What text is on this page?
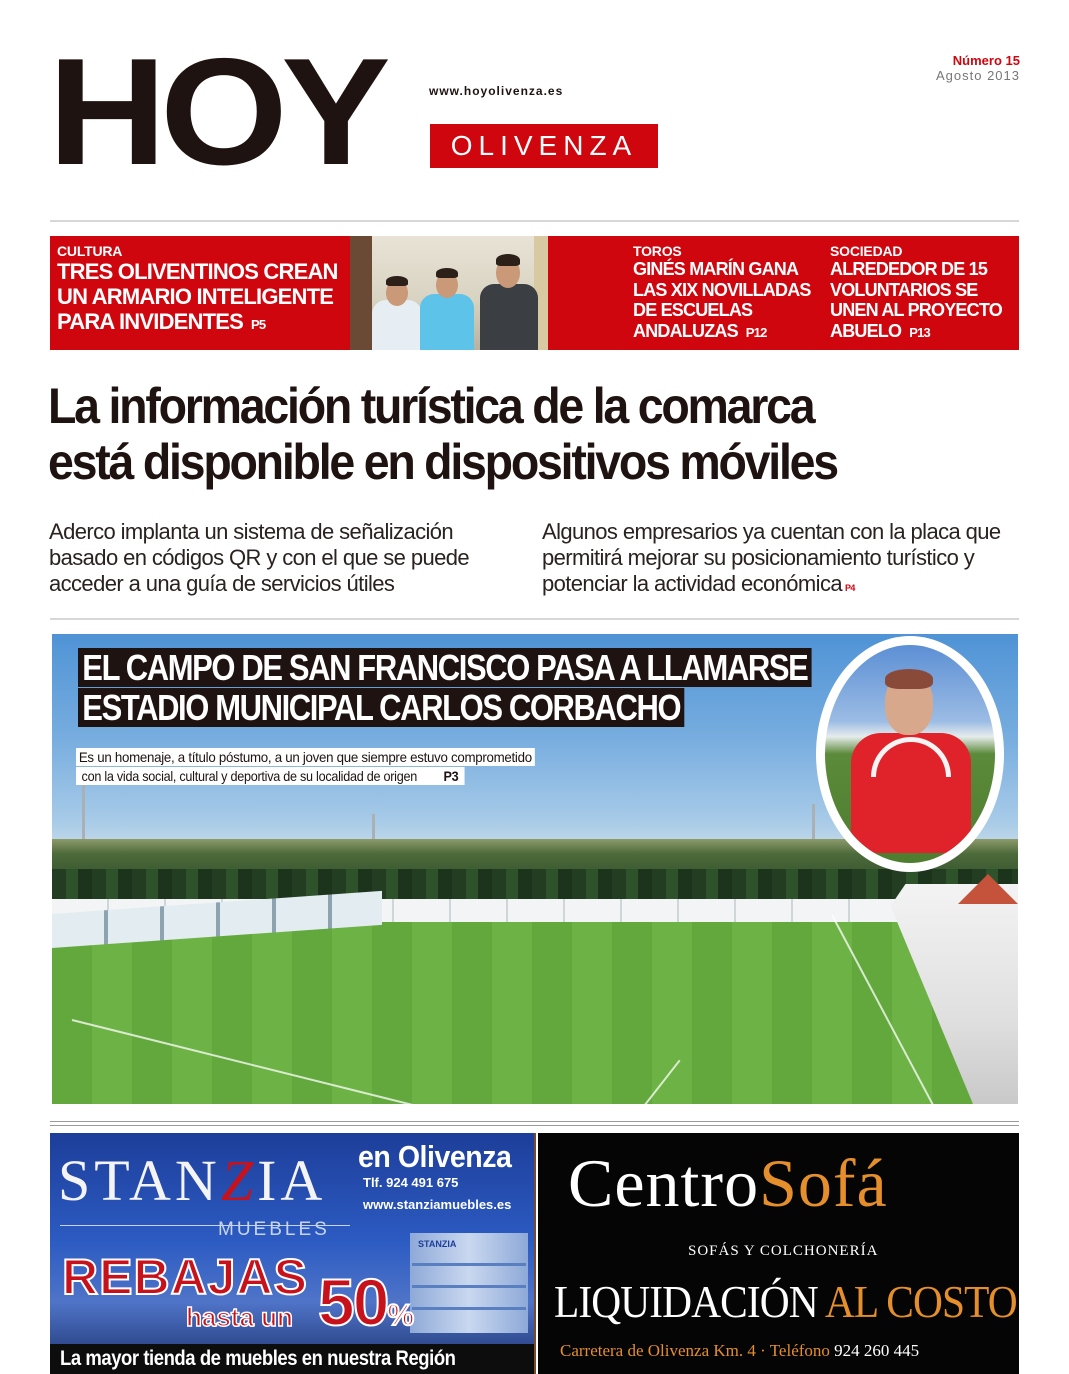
HOY	www.hoyolivenza.es
OLIVENZA
Número 15
Agosto 2013
CULTURA
TRES OLIVENTINOS CREAN UN ARMARIO INTELIGENTE PARA INVIDENTES P5
TOROS
GINÉS MARÍN GANA LAS XIX NOVILLADAS DE ESCUELAS ANDALUZAS P12
SOCIEDAD
ALREDEDOR DE 15 VOLUNTARIOS SE UNEN AL PROYECTO ABUELO P13
La información turística de la comarca
está disponible en dispositivos móviles
Aderco implanta un sistema de señalización basado en códigos QR y con el que se puede acceder a una guía de servicios útiles
Algunos empresarios ya cuentan con la placa que permitirá mejorar su posicionamiento turístico y potenciar la actividad económica P4
EL CAMPO DE SAN FRANCISCO PASA A LLAMARSE
ESTADIO MUNICIPAL CARLOS CORBACHO
Es un homenaje, a título póstumo, a un joven que siempre estuvo comprometido
con la vida social, cultural y deportiva de su localidad de origen P3
STANZIA
MUEBLES
en Olivenza
Tlf. 924 491 675
www.stanziamuebles.es
STANZIA
REBAJAS
hasta un 50%
La mayor tienda de muebles en nuestra Región
CentroSofá
SOFÁS Y COLCHONERÍA
LIQUIDACIÓN AL COSTO
Carretera de Olivenza Km. 4 · Teléfono 924 260 445
